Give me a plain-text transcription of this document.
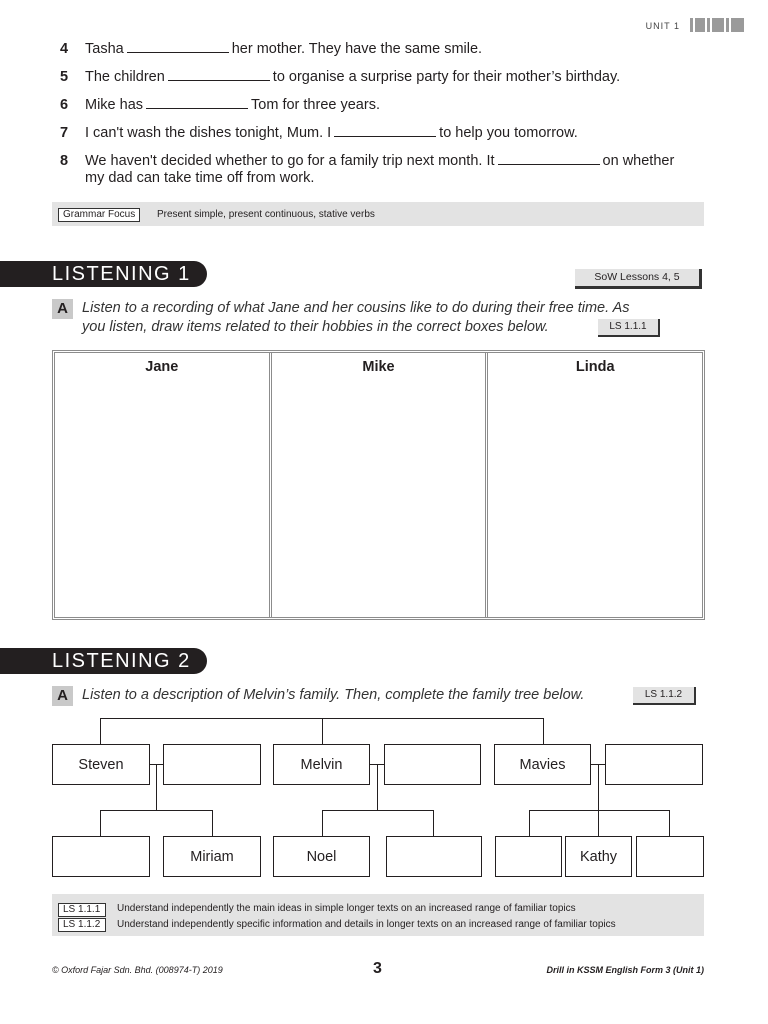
UNIT 1
4 Tasha	her mother. They have the same smile.
5 The children	to organise a surprise party for their mother’s birthday.
6 Mike has	Tom for three years.
7 I can't wash the dishes tonight, Mum. I	to help you tomorrow.
8 We haven't decided whether to go for a family trip next month. It	on whether
my dad can take time off from work.
Grammar Focus	Present simple, present continuous, stative verbs
LISTENING 1	SoW Lessons 4, 5
A Listen to a recording of what Jane and her cousins like to do during their free time. As
you listen, draw items related to their hobbies in the correct boxes below.	LS 1.1.1
Jane	Mike	Linda
LISTENING 2
A Listen to a description of Melvin’s family. Then, complete the family tree below.	LS 1.1.2
Steven	Melvin	Mavies
Miriam	Noel	Kathy
LS 1.1.1	Understand independently the main ideas in simple longer texts on an increased range of familiar topics
LS 1.1.2	Understand independently specific information and details in longer texts on an increased range of familiar topics
© Oxford Fajar Sdn. Bhd. (008974-T) 2019	3	Drill in KSSM English Form 3 (Unit 1)
